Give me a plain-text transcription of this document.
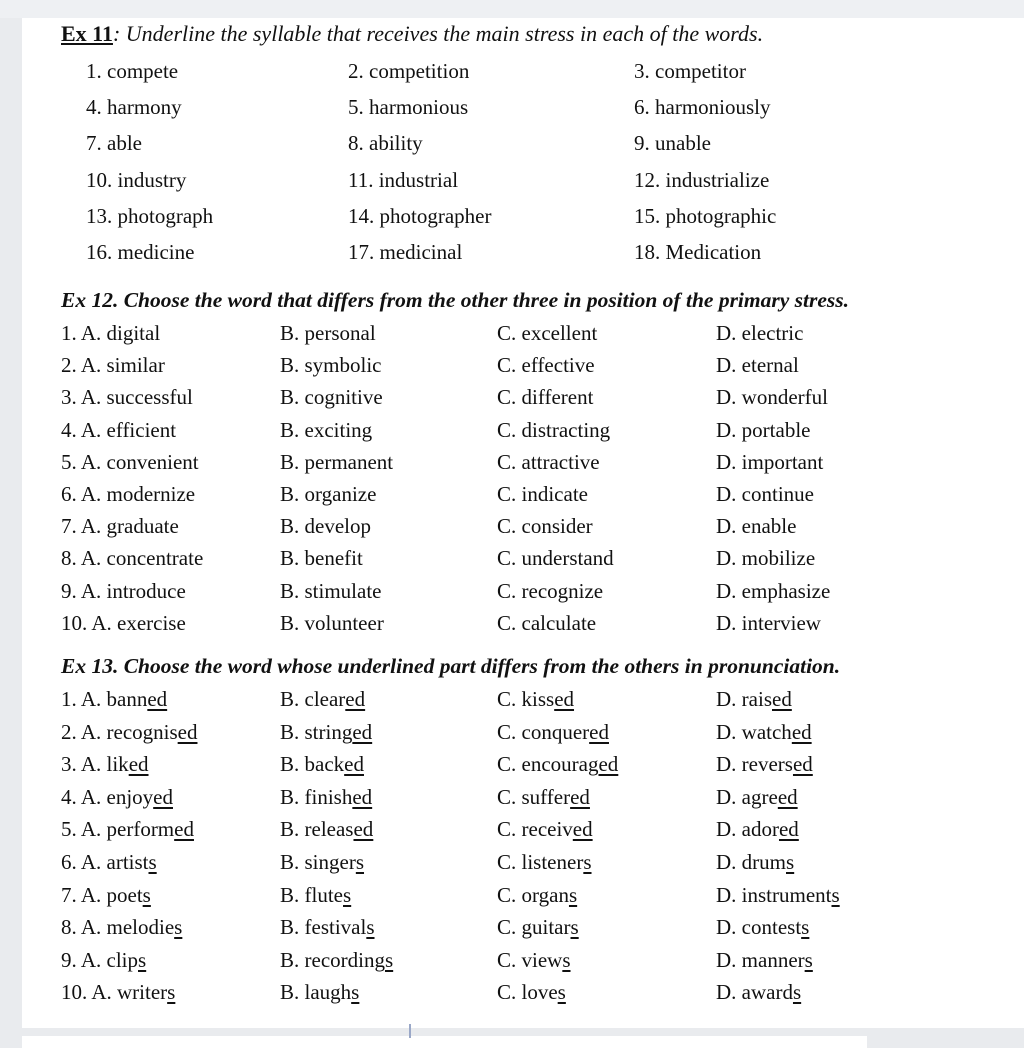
Ex 11: Underline the syllable that receives the main stress in each of the words.
1. compete	2. competition	3. competitor
4. harmony	5. harmonious	6. harmoniously
7. able	8. ability	9. unable
10. industry	11. industrial	12. industrialize
13. photograph	14. photographer	15. photographic
16. medicine	17. medicinal	18. Medication
Ex 12. Choose the word that differs from the other three in position of the primary stress.
1. A. digital	B. personal	C. excellent	D. electric
2. A. similar	B. symbolic	C. effective	D. eternal
3. A. successful	B. cognitive	C. different	D. wonderful
4. A. efficient	B. exciting	C. distracting	D. portable
5. A. convenient	B. permanent	C. attractive	D. important
6. A. modernize	B. organize	C. indicate	D. continue
7. A. graduate	B. develop	C. consider	D. enable
8. A. concentrate	B. benefit	C. understand	D. mobilize
9. A. introduce	B. stimulate	C. recognize	D. emphasize
10. A. exercise	B. volunteer	C. calculate	D. interview
Ex 13. Choose the word whose underlined part differs from the others in pronunciation.
1. A. banned	B. cleared	C. kissed	D. raised
2. A. recognised	B. stringed	C. conquered	D. watched
3. A. liked	B. backed	C. encouraged	D. reversed
4. A. enjoyed	B. finished	C. suffered	D. agreed
5. A. performed	B. released	C. received	D. adored
6. A. artists	B. singers	C. listeners	D. drums
7. A. poets	B. flutes	C. organs	D. instruments
8. A. melodies	B. festivals	C. guitars	D. contests
9. A. clips	B. recordings	C. views	D. manners
10. A. writers	B. laughs	C. loves	D. awards
